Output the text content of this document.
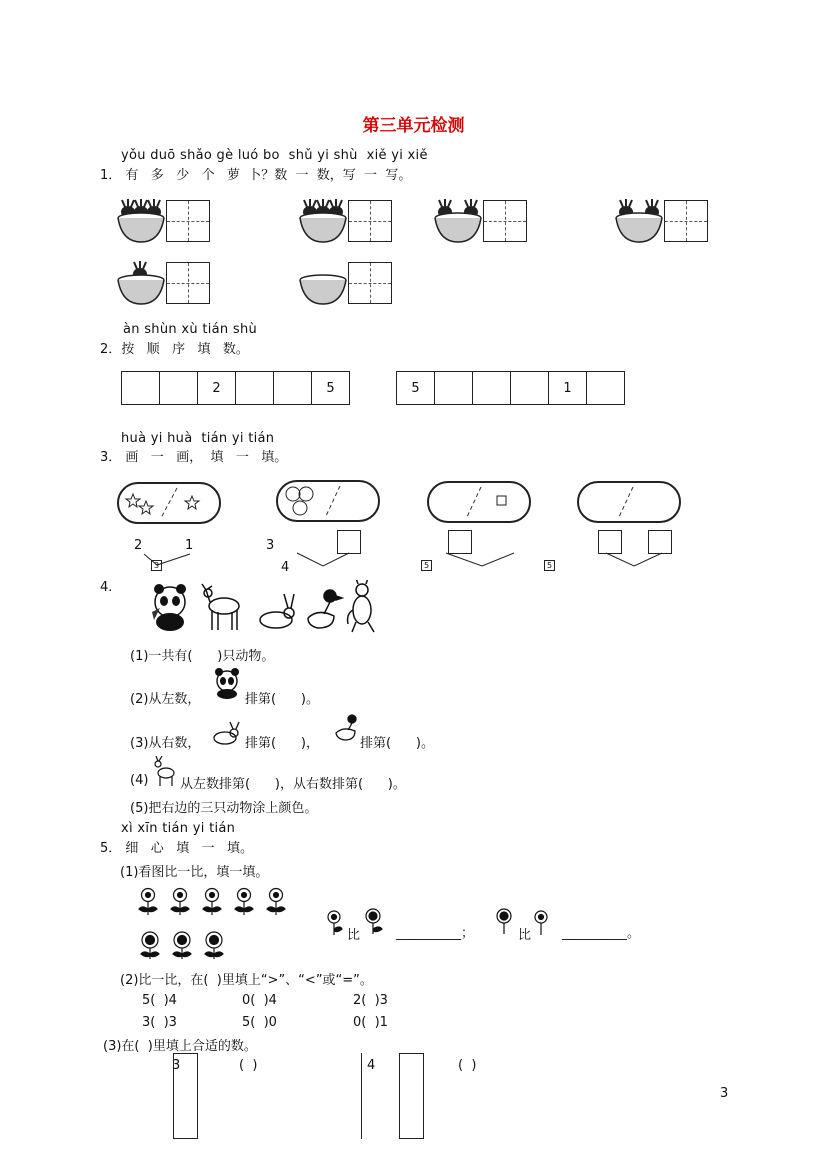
第三单元检测
yǒu duō shǎo gè luó bo  shǔ yi shù  xiě yi xiě
1． 有   多   少   个   萝  卜？数  一  数，写  一  写。
àn shùn xù tián shù
2．按   顺   序   填   数。
		2			5	5				1	
huà yi huà  tián yi tián
3． 画   一   画，  填   一   填。
2	1
3
3
4	5	5
4.
(1)一共有(      )只动物。
(2)从左数，	排第(      )。
(3)从右数，	排第(      )，	排第(      )。
(4) 从左数排第(      )，从右数排第(      )。
(5)把右边的三只动物涂上颜色。
xì xīn tián yi tián
5． 细   心   填   一   填。
(1)看图比一比，填一填。
比	__________；	比 __________。
(2)比一比，在(  )里填上“>”、“<”或“=”。
5(  )4	0(  )4	2(  )3
3(  )3	5(  )0	0(  )1
(3)在(  )里填上合适的数。
3	(  )	4	(  )
3
